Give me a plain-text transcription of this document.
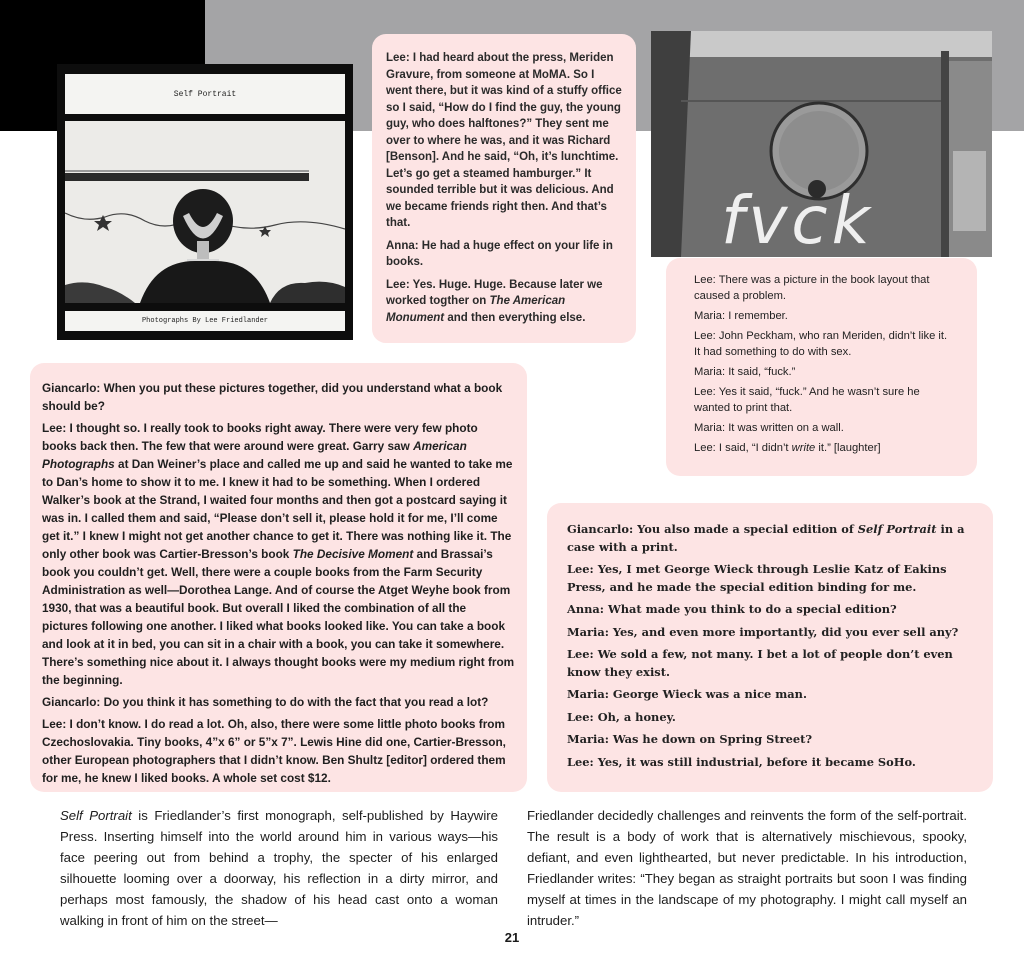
Self Portrait
Photographs By Lee Friedlander
fvck

Lee: I had heard about the press, Meriden Gravure, from someone at MoMA. So I went there, but it was kind of a stuffy office so I said, “How do I find the guy, the young guy, who does halftones?” They sent me over to where he was, and it was Richard [Benson]. And he said, “Oh, it’s lunchtime. Let’s go get a steamed hamburger.” It sounded terrible but it was delicious. And we became friends right then. And that’s that.

Anna: He had a huge effect on your life in books.

Lee: Yes. Huge. Huge. Because later we worked togther on The American Monument and then everything else.

Lee: There was a picture in the book layout that caused a problem.

Maria: I remember.

Lee: John Peckham, who ran Meriden, didn’t like it. It had something to do with sex.

Maria: It said, “fuck.”

Lee: Yes it said, “fuck.” And he wasn’t sure he wanted to print that.

Maria: It was written on a wall.

Lee: I said, “I didn’t write it.” [laughter]

Giancarlo: When you put these pictures together, did you understand what a book should be?

Lee: I thought so. I really took to books right away. There were very few photo books back then. The few that were around were great. Garry saw American Photographs at Dan Weiner’s place and called me up and said he wanted to take me to Dan’s home to show it to me. I knew it had to be something. When I ordered Walker’s book at the Strand, I waited four months and then got a postcard saying it was in. I called them and said, “Please don’t sell it, please hold it for me, I’ll come get it.” I knew I might not get another chance to get it. There was nothing like it. The only other book was Cartier-Bresson’s book The Decisive Moment and Brassai’s book you couldn’t get. Well, there were a couple books from the Farm Security Administration as well—Dorothea Lange. And of course the Atget Weyhe book from 1930, that was a beautiful book. But overall I liked the combination of all the pictures following one another. I liked what books looked like. You can take a book and look at it in bed, you can sit in a chair with a book, you can take it somewhere. There’s something nice about it. I always thought books were my medium right from the beginning.

Giancarlo: Do you think it has something to do with the fact that you read a lot?

Lee: I don’t know. I do read a lot. Oh, also, there were some little photo books from Czechoslovakia. Tiny books, 4”x 6” or 5”x 7”. Lewis Hine did one, Cartier-Bresson, other European photographers that I didn’t know. Ben Shultz [editor] ordered them for me, he knew I liked books. A whole set cost $12.

Giancarlo: You also made a special edition of Self Portrait in a case with a print.

Lee: Yes, I met George Wieck through Leslie Katz of Eakins Press, and he made the special edition binding for me.

Anna: What made you think to do a special edition?

Maria: Yes, and even more importantly, did you ever sell any?

Lee: We sold a few, not many. I bet a lot of people don’t even know they exist.

Maria: George Wieck was a nice man.

Lee: Oh, a honey.

Maria: Was he down on Spring Street?

Lee: Yes, it was still industrial, before it became SoHo.

Self Portrait is Friedlander’s first monograph, self-published by Haywire Press. Inserting himself into the world around him in various ways—his face peering out from behind a trophy, the specter of his enlarged silhouette looming over a doorway, his reflection in a dirty mirror, and perhaps most famously, the shadow of his head cast onto a woman walking in front of him on the street—
Friedlander decidedly challenges and reinvents the form of the self-portrait. The result is a body of work that is alternatively mischievous, spooky, defiant, and even lighthearted, but never predictable. In his introduction, Friedlander writes: “They began as straight portraits but soon I was finding myself at times in the landscape of my photography. I might call myself an intruder.”
21
